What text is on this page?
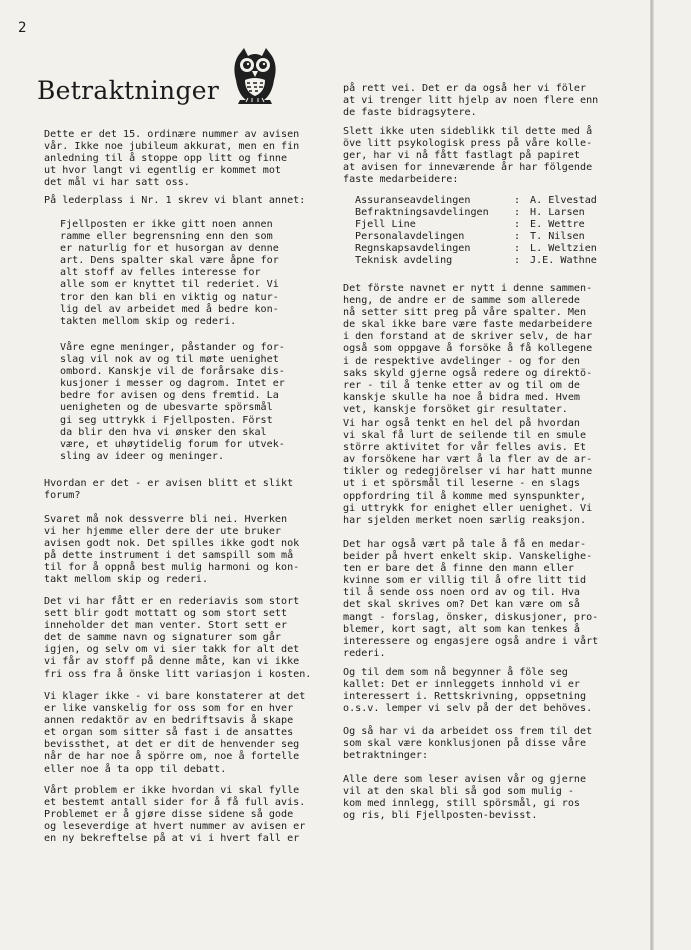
2
Betraktninger

Dette er det 15. ordinære nummer av avisen
vår. Ikke noe jubileum akkurat, men en fin
anledning til å stoppe opp litt og finne
ut hvor langt vi egentlig er kommet mot
det mål vi har satt oss.

På lederplass i Nr. 1 skrev vi blant annet:

Fjellposten er ikke gitt noen annen
ramme eller begrensning enn den som
er naturlig for et husorgan av denne
art. Dens spalter skal være åpne for
alt stoff av felles interesse for
alle som er knyttet til rederiet. Vi
tror den kan bli en viktig og natur-
lig del av arbeidet med å bedre kon-
takten mellom skip og rederi.

Våre egne meninger, påstander og for-
slag vil nok av og til møte uenighet
ombord. Kanskje vil de forårsake dis-
kusjoner i messer og dagrom. Intet er
bedre for avisen og dens fremtid. La
uenigheten og de ubesvarte spörsmål
gi seg uttrykk i Fjellposten. Först
da blir den hva vi ønsker den skal
være, et uhøytidelig forum for utvek-
sling av ideer og meninger.

Hvordan er det - er avisen blitt et slikt
forum?

Svaret må nok dessverre bli nei. Hverken
vi her hjemme eller dere der ute bruker
avisen godt nok. Det spilles ikke godt nok
på dette instrument i det samspill som må
til for å oppnå best mulig harmoni og kon-
takt mellom skip og rederi.

Det vi har fått er en rederiavis som stort
sett blir godt mottatt og som stort sett
inneholder det man venter. Stort sett er
det de samme navn og signaturer som går
igjen, og selv om vi sier takk for alt det
vi får av stoff på denne måte, kan vi ikke
fri oss fra å önske litt variasjon i kosten.

Vi klager ikke - vi bare konstaterer at det
er like vanskelig for oss som for en hver
annen redaktör av en bedriftsavis å skape
et organ som sitter så fast i de ansattes
bevissthet, at det er dit de henvender seg
når de har noe å spörre om, noe å fortelle
eller noe å ta opp til debatt.

Vårt problem er ikke hvordan vi skal fylle
et bestemt antall sider for å få full avis.
Problemet er å gjøre disse sidene så gode
og leseverdige at hvert nummer av avisen er
en ny bekreftelse på at vi i hvert fall er

på rett vei. Det er da også her vi föler
at vi trenger litt hjelp av noen flere enn
de faste bidragsytere.

Slett ikke uten sideblikk til dette med å
öve litt psykologisk press på våre kolle-
ger, har vi nå fått fastlagt på papiret
at avisen for inneværende år har fölgende
faste medarbeidere:

Assuranseavdelingen	: A. Elvestad
Befraktningsavdelingen	: H. Larsen
Fjell Line	: E. Wettre
Personalavdelingen	: T. Nilsen
Regnskapsavdelingen	: L. Weltzien
Teknisk avdeling	: J.E. Wathne

Det förste navnet er nytt i denne sammen-
heng, de andre er de samme som allerede
nå setter sitt preg på våre spalter. Men
de skal ikke bare være faste medarbeidere
i den forstand at de skriver selv, de har
også som oppgave å forsöke å få kollegene
i de respektive avdelinger - og for den
saks skyld gjerne også redere og direktö-
rer - til å tenke etter av og til om de
kanskje skulle ha noe å bidra med. Hvem
vet, kanskje forsöket gir resultater.

Vi har også tenkt en hel del på hvordan
vi skal få lurt de seilende til en smule
större aktivitet for vår felles avis. Et
av forsökene har vært å la fler av de ar-
tikler og redegjörelser vi har hatt munne
ut i et spörsmål til leserne - en slags
oppfordring til å komme med synspunkter,
gi uttrykk for enighet eller uenighet. Vi
har sjelden merket noen særlig reaksjon.

Det har også vært på tale å få en medar-
beider på hvert enkelt skip. Vanskelighe-
ten er bare det å finne den mann eller
kvinne som er villig til å ofre litt tid
til å sende oss noen ord av og til. Hva
det skal skrives om? Det kan være om så
mangt - forslag, önsker, diskusjoner, pro-
blemer, kort sagt, alt som kan tenkes å
interessere og engasjere også andre i vårt
rederi.

Og til dem som nå begynner å föle seg
kallet: Det er innleggets innhold vi er
interessert i. Rettskrivning, oppsetning
o.s.v. lemper vi selv på der det behöves.

Og så har vi da arbeidet oss frem til det
som skal være konklusjonen på disse våre
betraktninger:

Alle dere som leser avisen vår og gjerne
vil at den skal bli så god som mulig -
kom med innlegg, still spörsmål, gi ros
og ris, bli Fjellposten-bevisst.
